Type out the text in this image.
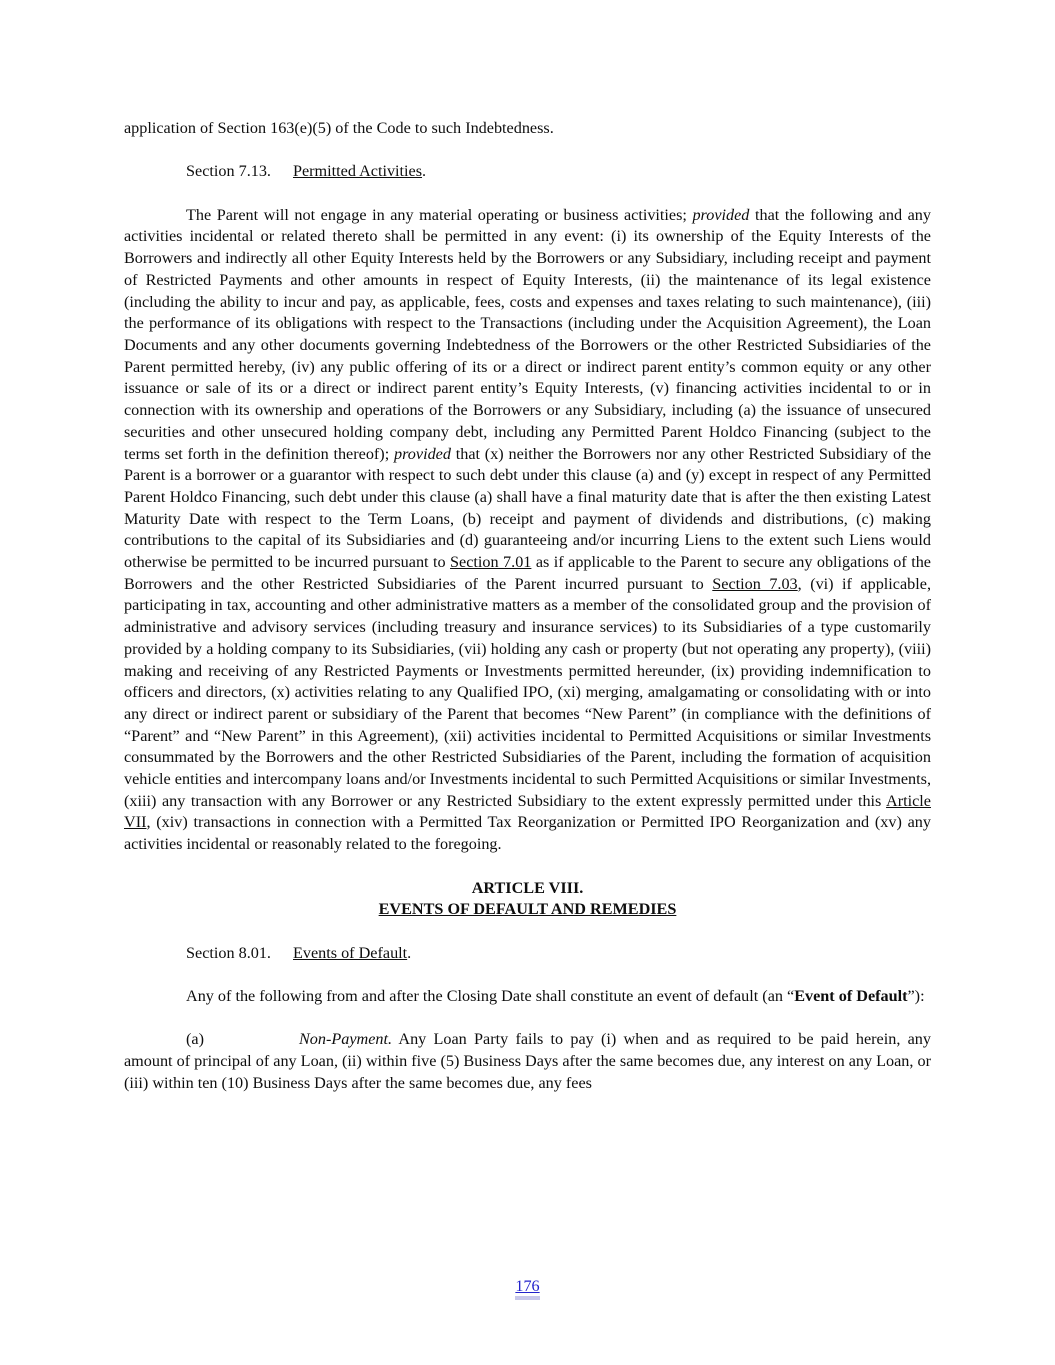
application of Section 163(e)(5) of the Code to such Indebtedness.

Section 7.13. Permitted Activities.

The Parent will not engage in any material operating or business activities; provided that the following and any activities incidental or related thereto shall be permitted in any event: (i) its ownership of the Equity Interests of the Borrowers and indirectly all other Equity Interests held by the Borrowers or any Subsidiary, including receipt and payment of Restricted Payments and other amounts in respect of Equity Interests, (ii) the maintenance of its legal existence (including the ability to incur and pay, as applicable, fees, costs and expenses and taxes relating to such maintenance), (iii) the performance of its obligations with respect to the Transactions (including under the Acquisition Agreement), the Loan Documents and any other documents governing Indebtedness of the Borrowers or the other Restricted Subsidiaries of the Parent permitted hereby, (iv) any public offering of its or a direct or indirect parent entity’s common equity or any other issuance or sale of its or a direct or indirect parent entity’s Equity Interests, (v) financing activities incidental to or in connection with its ownership and operations of the Borrowers or any Subsidiary, including (a) the issuance of unsecured securities and other unsecured holding company debt, including any Permitted Parent Holdco Financing (subject to the terms set forth in the definition thereof); provided that (x) neither the Borrowers nor any other Restricted Subsidiary of the Parent is a borrower or a guarantor with respect to such debt under this clause (a) and (y) except in respect of any Permitted Parent Holdco Financing, such debt under this clause (a) shall have a final maturity date that is after the then existing Latest Maturity Date with respect to the Term Loans, (b) receipt and payment of dividends and distributions, (c) making contributions to the capital of its Subsidiaries and (d) guaranteeing and/or incurring Liens to the extent such Liens would otherwise be permitted to be incurred pursuant to Section 7.01 as if applicable to the Parent to secure any obligations of the Borrowers and the other Restricted Subsidiaries of the Parent incurred pursuant to Section 7.03, (vi) if applicable, participating in tax, accounting and other administrative matters as a member of the consolidated group and the provision of administrative and advisory services (including treasury and insurance services) to its Subsidiaries of a type customarily provided by a holding company to its Subsidiaries, (vii) holding any cash or property (but not operating any property), (viii) making and receiving of any Restricted Payments or Investments permitted hereunder, (ix) providing indemnification to officers and directors, (x) activities relating to any Qualified IPO, (xi) merging, amalgamating or consolidating with or into any direct or indirect parent or subsidiary of the Parent that becomes “New Parent” (in compliance with the definitions of “Parent” and “New Parent” in this Agreement), (xii) activities incidental to Permitted Acquisitions or similar Investments consummated by the Borrowers and the other Restricted Subsidiaries of the Parent, including the formation of acquisition vehicle entities and intercompany loans and/or Investments incidental to such Permitted Acquisitions or similar Investments, (xiii) any transaction with any Borrower or any Restricted Subsidiary to the extent expressly permitted under this Article VII, (xiv) transactions in connection with a Permitted Tax Reorganization or Permitted IPO Reorganization and (xv) any activities incidental or reasonably related to the foregoing.

ARTICLE VIII.

EVENTS OF DEFAULT AND REMEDIES

Section 8.01. Events of Default.

Any of the following from and after the Closing Date shall constitute an event of default (an “Event of Default”):

(a)	Non-Payment. Any Loan Party fails to pay (i) when and as required to be paid herein, any amount of principal of any Loan, (ii) within five (5) Business Days after the same becomes due, any interest on any Loan, or (iii) within ten (10) Business Days after the same becomes due, any fees

176
